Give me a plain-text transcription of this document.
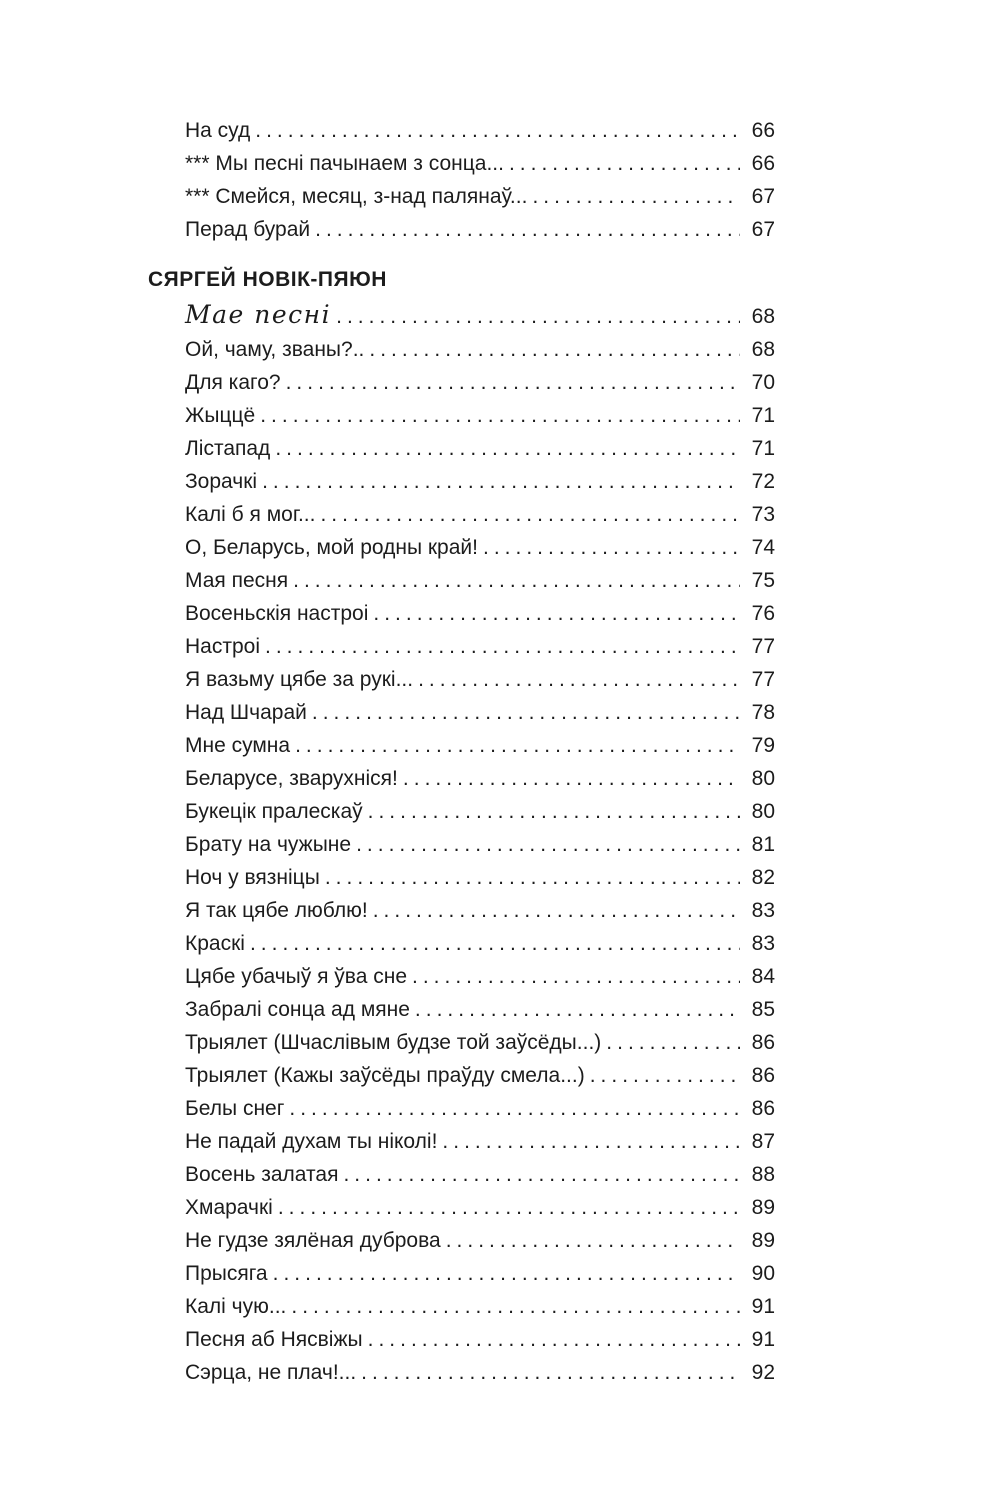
На суд .....	66
*** Мы песні пачынаем з сонца... .....	66
*** Смейся, месяц, з-над палянаў... .....	67
Перад бурай .....	67
СЯРГЕЙ НОВІК-ПЯЮН
Мае песні .....	68
Ой, чаму, званы?.. .....	68
Для каго? .....	70
Жыццё .....	71
Лістапад .....	71
Зорачкі .....	72
Калі б я мог... .....	73
О, Беларусь, мой родны край! .....	74
Мая песня .....	75
Восеньскія настроі .....	76
Настроі .....	77
Я вазьму цябе за рукі... .....	77
Над Шчарай .....	78
Мне сумна .....	79
Беларусе, зварухніся! .....	80
Букецік пралескаў .....	80
Брату на чужыне .....	81
Ноч у вязніцы .....	82
Я так цябе люблю! .....	83
Краскі .....	83
Цябе убачыў я ўва сне .....	84
Забралі сонца ад мяне .....	85
Трыялет (Шчаслівым будзе той заўсёды...) .....	86
Трыялет (Кажы заўсёды праўду смела...) .....	86
Белы снег .....	86
Не падай духам ты ніколі! .....	87
Восень залатая .....	88
Хмарачкі .....	89
Не гудзе зялёная дуброва .....	89
Прысяга .....	90
Калі чую... .....	91
Песня аб Нясвіжы .....	91
Сэрца, не плач!... .....	92
